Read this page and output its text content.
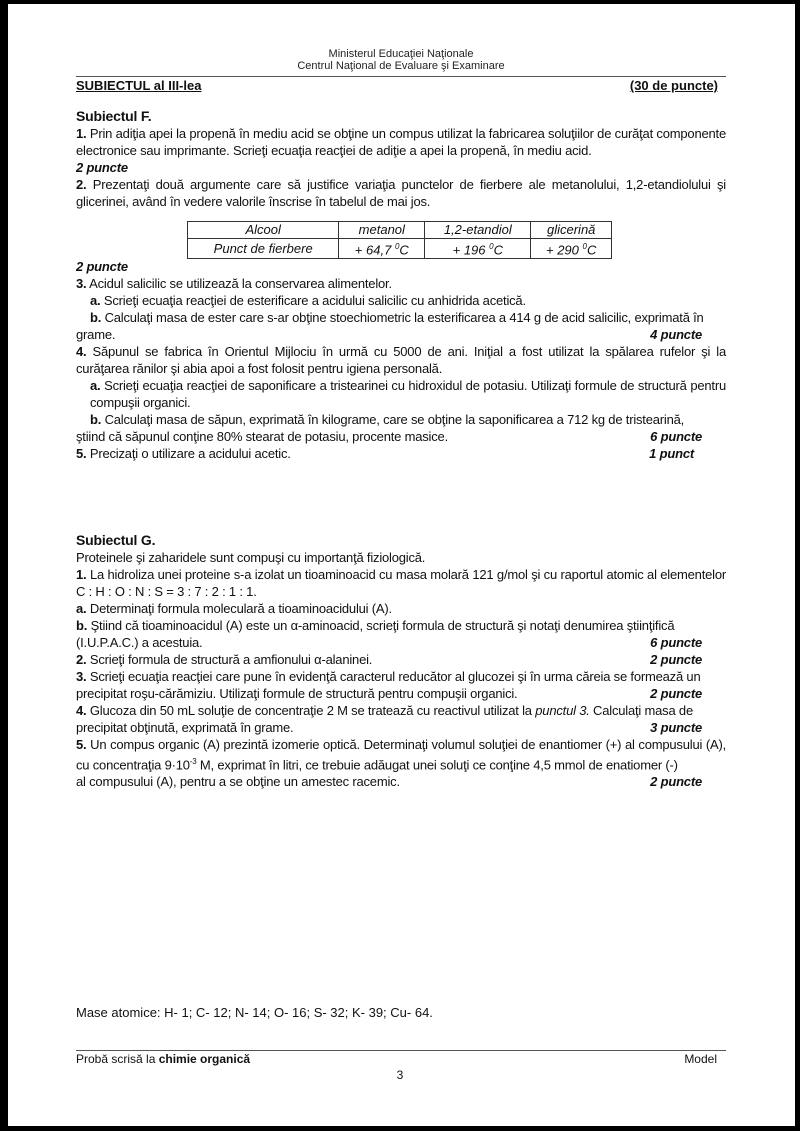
Ministerul Educaţiei Naţionale
Centrul Naţional de Evaluare şi Examinare
SUBIECTUL al III-lea	(30 de puncte)

Subiectul F.

1. Prin adiţia apei la propenă în mediu acid se obţine un compus utilizat la fabricarea soluţiilor de curăţat componente electronice sau imprimante. Scrieţi ecuaţia reacţiei de adiţie a apei la propenă, în mediu acid.

2 puncte

2. Prezentaţi două argumente care să justifice variaţia punctelor de fierbere ale metanolului, 1,2-etandiolului şi glicerinei, având în vedere valorile înscrise în tabelul de mai jos.

Alcool	metanol	1,2-etandiol	glicerină
Punct de fierbere	+ 64,7 $^0$C	+ 196 $^0$C	+ 290 $^0$C

2 puncte

3. Acidul salicilic se utilizează la conservarea alimentelor.

a. Scrieţi ecuaţia reacţiei de esterificare a acidului salicilic cu anhidrida acetică.

b. Calculaţi masa de ester care s-ar obţine stoechiometric la esterificarea a 414 g de acid salicilic, exprimată în

grame.	4 puncte

4. Săpunul se fabrica în Orientul Mijlociu în urmă cu 5000 de ani. Iniţial a fost utilizat la spălarea rufelor şi la curăţarea rănilor şi abia apoi a fost folosit pentru igiena personală.

a. Scrieţi ecuaţia reacţiei de saponificare a tristearinei cu hidroxidul de potasiu. Utilizaţi formule de structură pentru compuşii organici.

b. Calculaţi masa de săpun, exprimată în kilograme, care se obţine la saponificarea a 712 kg de tristearină,

ştiind că săpunul conţine 80% stearat de potasiu, procente masice.	6 puncte
5. Precizaţi o utilizare a acidului acetic.	1 punct

Subiectul G.

Proteinele şi zaharidele sunt compuşi cu importanţă fiziologică.

1. La hidroliza unei proteine s-a izolat un tioaminoacid cu masa molară 121 g/mol şi cu raportul atomic al elementelor C : H : O : N : S = 3 : 7 : 2 : 1 : 1.

a. Determinaţi formula moleculară a tioaminoacidului (A).

b. Ştiind că tioaminoacidul (A) este un α-aminoacid, scrieţi formula de structură şi notaţi denumirea ştiinţifică

(I.U.P.A.C.) a acestuia.	6 puncte
2. Scrieţi formula de structură a amfionului α-alaninei.	2 puncte

3. Scrieţi ecuaţia reacţiei care pune în evidenţă caracterul reducător al glucozei şi în urma căreia se formează un

precipitat roşu-cărămiziu. Utilizaţi formule de structură pentru compuşii organici.	2 puncte

4. Glucoza din 50 mL soluţie de concentraţie 2 M se tratează cu reactivul utilizat la punctul 3. Calculaţi masa de

precipitat obţinută, exprimată în grame.	3 puncte

5. Un compus organic (A) prezintă izomerie optică. Determinaţi volumul soluţiei de enantiomer (+) al compusului (A), cu concentraţia $9\cdot 10^{-3}$ M, exprimat în litri, ce trebuie adăugat unei soluţi ce conţine 4,5 mmol de enatiomer (-)

al compusului (A), pentru a se obţine un amestec racemic.	2 puncte
Mase atomice: H- 1; C- 12; N- 14; O- 16; S- 32; K- 39; Cu- 64.
Probă scrisă la chimie organică	Model
3
